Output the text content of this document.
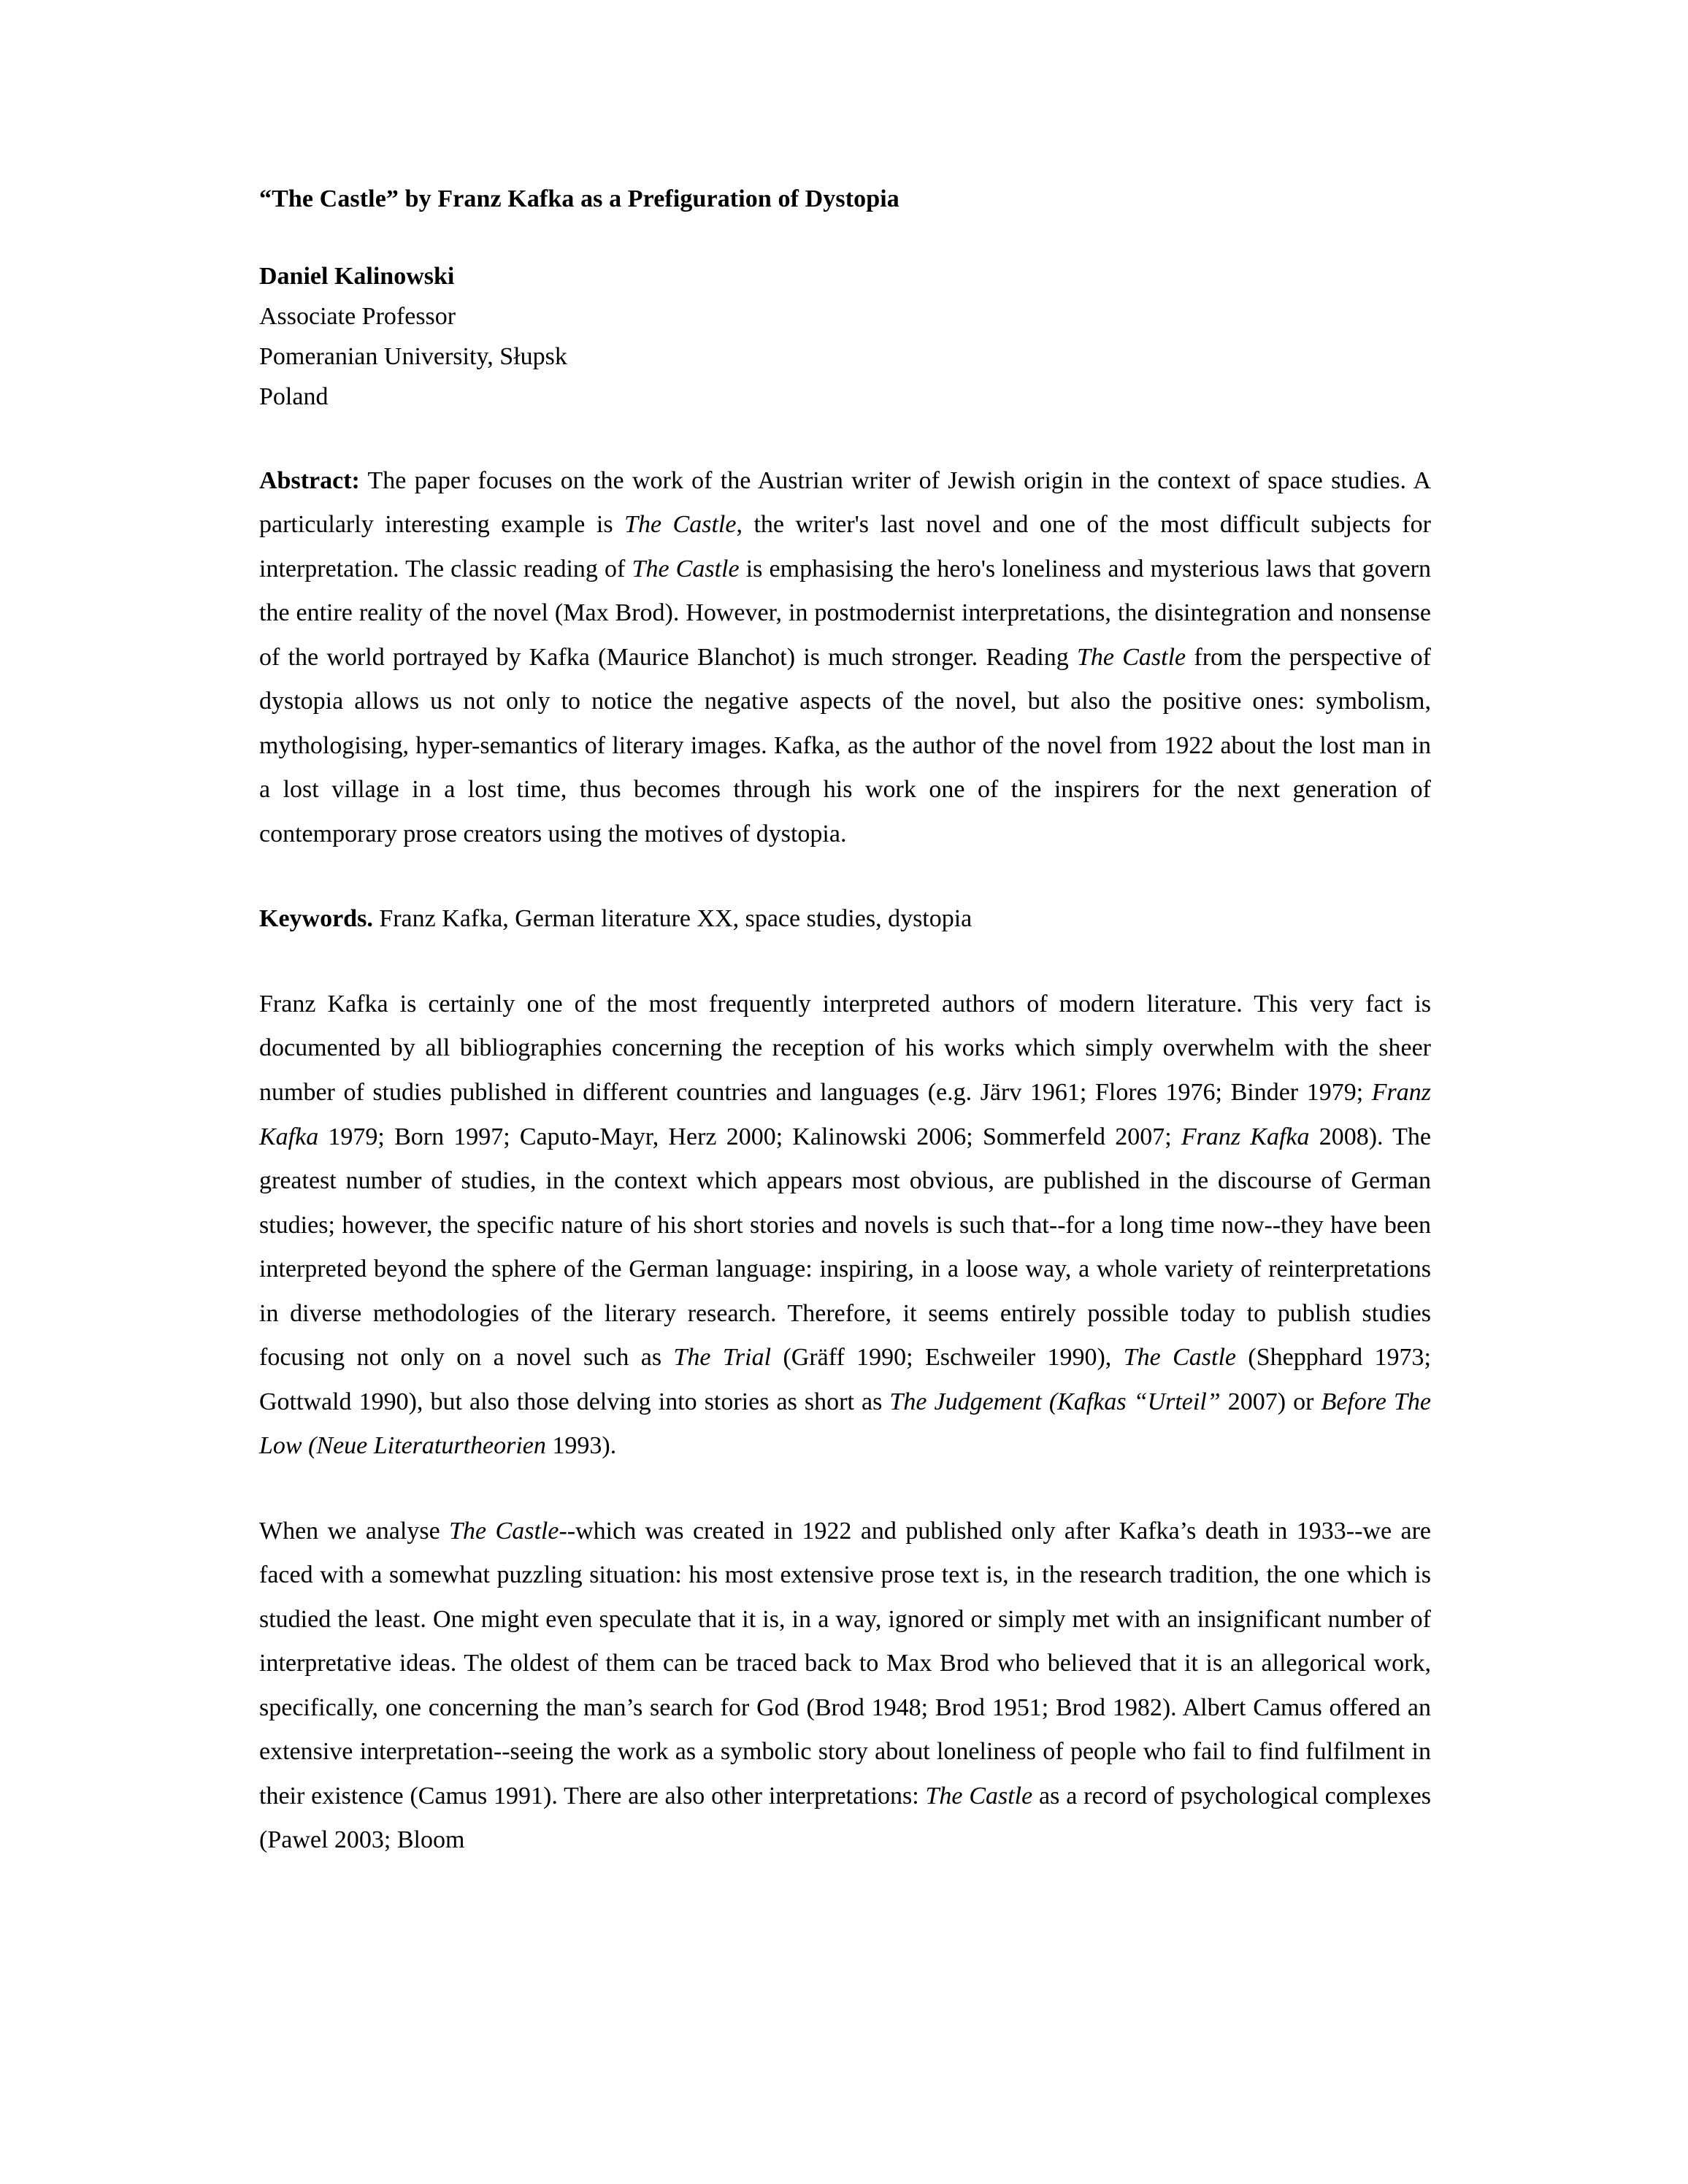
“The Castle” by Franz Kafka as a Prefiguration of Dystopia

Daniel Kalinowski

Associate Professor

Pomeranian University, Słupsk

Poland

Abstract: The paper focuses on the work of the Austrian writer of Jewish origin in the context of space studies. A particularly interesting example is The Castle, the writer's last novel and one of the most difficult subjects for interpretation. The classic reading of The Castle is emphasising the hero's loneliness and mysterious laws that govern the entire reality of the novel (Max Brod). However, in postmodernist interpretations, the disintegration and nonsense of the world portrayed by Kafka (Maurice Blanchot) is much stronger. Reading The Castle from the perspective of dystopia allows us not only to notice the negative aspects of the novel, but also the positive ones: symbolism, mythologising, hyper-semantics of literary images. Kafka, as the author of the novel from 1922 about the lost man in a lost village in a lost time, thus becomes through his work one of the inspirers for the next generation of contemporary prose creators using the motives of dystopia.

Keywords. Franz Kafka, German literature XX, space studies, dystopia

Franz Kafka is certainly one of the most frequently interpreted authors of modern literature. This very fact is documented by all bibliographies concerning the reception of his works which simply overwhelm with the sheer number of studies published in different countries and languages (e.g. Järv 1961; Flores 1976; Binder 1979; Franz Kafka 1979; Born 1997; Caputo-Mayr, Herz 2000; Kalinowski 2006; Sommerfeld 2007; Franz Kafka 2008). The greatest number of studies, in the context which appears most obvious, are published in the discourse of German studies; however, the specific nature of his short stories and novels is such that--for a long time now--they have been interpreted beyond the sphere of the German language: inspiring, in a loose way, a whole variety of reinterpretations in diverse methodologies of the literary research. Therefore, it seems entirely possible today to publish studies focusing not only on a novel such as The Trial (Gräff 1990; Eschweiler 1990), The Castle (Shepphard 1973; Gottwald 1990), but also those delving into stories as short as The Judgement (Kafkas “Urteil” 2007) or Before The Low (Neue Literaturtheorien 1993).

When we analyse The Castle--which was created in 1922 and published only after Kafka’s death in 1933--we are faced with a somewhat puzzling situation: his most extensive prose text is, in the research tradition, the one which is studied the least. One might even speculate that it is, in a way, ignored or simply met with an insignificant number of interpretative ideas. The oldest of them can be traced back to Max Brod who believed that it is an allegorical work, specifically, one concerning the man’s search for God (Brod 1948; Brod 1951; Brod 1982). Albert Camus offered an extensive interpretation--seeing the work as a symbolic story about loneliness of people who fail to find fulfilment in their existence (Camus 1991). There are also other interpretations: The Castle as a record of psychological complexes (Pawel 2003; Bloom
